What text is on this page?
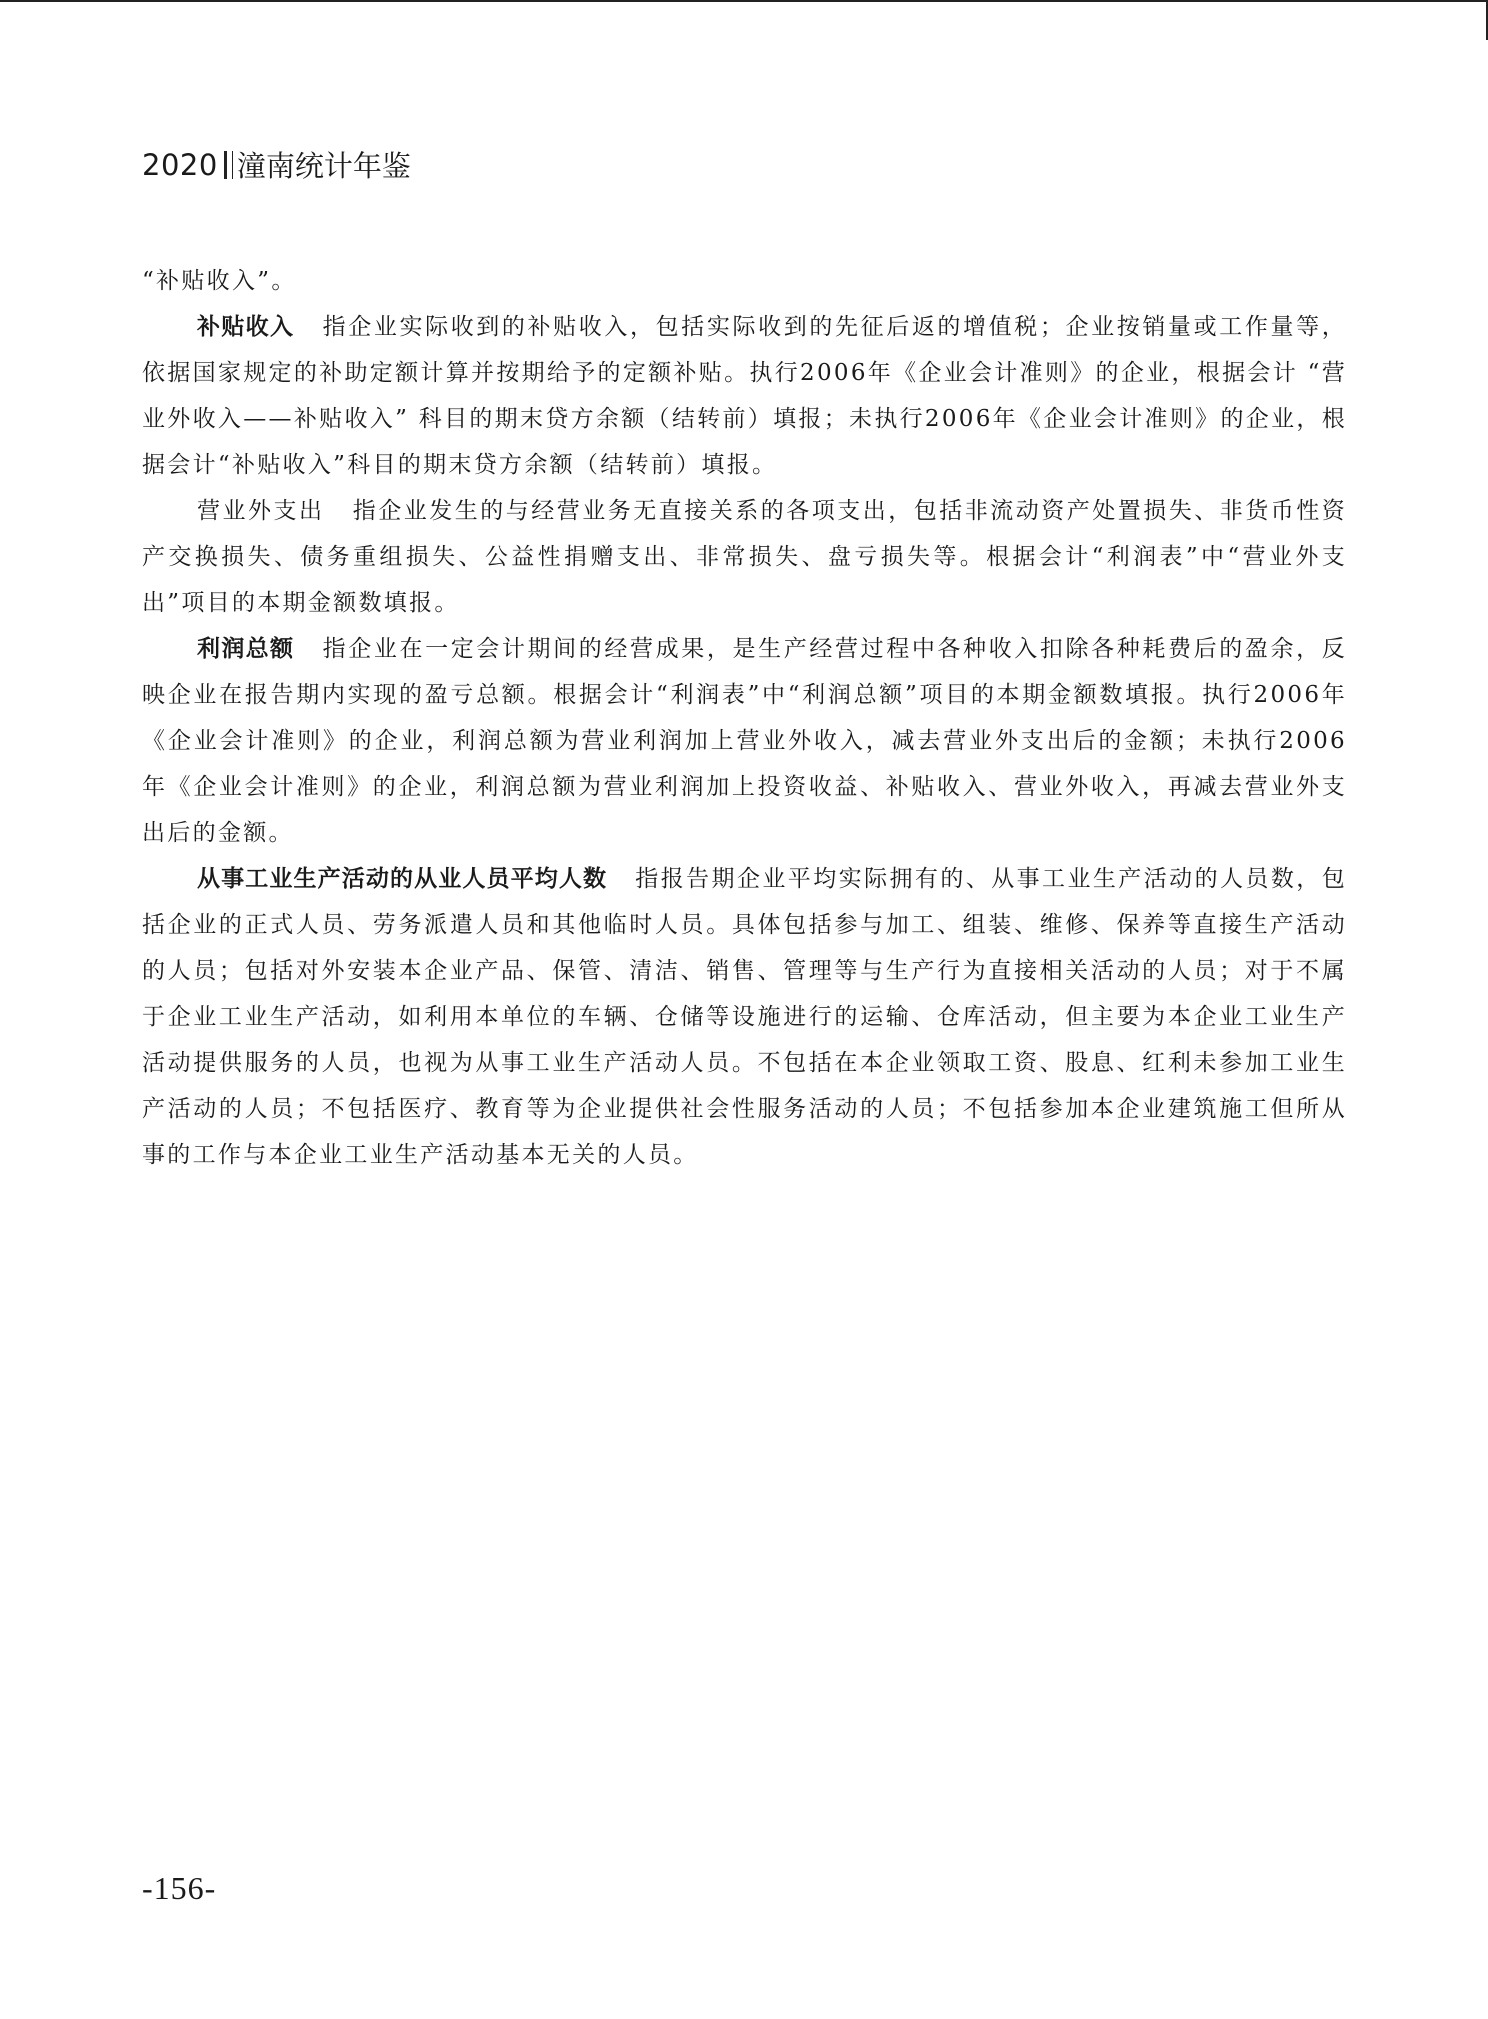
2020 潼南统计年鉴

“补贴收入”。

补贴收入 指企业实际收到的补贴收入，包括实际收到的先征后返的增值税；企业按销量或工作量等，依据国家规定的补助定额计算并按期给予的定额补贴。执行2006年《企业会计准则》的企业，根据会计 “营业外收入——补贴收入” 科目的期末贷方余额（结转前）填报；未执行2006年《企业会计准则》的企业，根据会计“补贴收入”科目的期末贷方余额（结转前）填报。

营业外支出 指企业发生的与经营业务无直接关系的各项支出，包括非流动资产处置损失、非货币性资产交换损失、债务重组损失、公益性捐赠支出、非常损失、盘亏损失等。根据会计“利润表”中“营业外支出”项目的本期金额数填报。

利润总额 指企业在一定会计期间的经营成果，是生产经营过程中各种收入扣除各种耗费后的盈余，反映企业在报告期内实现的盈亏总额。根据会计“利润表”中“利润总额”项目的本期金额数填报。执行2006年《企业会计准则》的企业，利润总额为营业利润加上营业外收入，减去营业外支出后的金额；未执行2006年《企业会计准则》的企业，利润总额为营业利润加上投资收益、补贴收入、营业外收入，再减去营业外支出后的金额。

从事工业生产活动的从业人员平均人数 指报告期企业平均实际拥有的、从事工业生产活动的人员数，包括企业的正式人员、劳务派遣人员和其他临时人员。具体包括参与加工、组装、维修、保养等直接生产活动的人员；包括对外安装本企业产品、保管、清洁、销售、管理等与生产行为直接相关活动的人员；对于不属于企业工业生产活动，如利用本单位的车辆、仓储等设施进行的运输、仓库活动，但主要为本企业工业生产活动提供服务的人员，也视为从事工业生产活动人员。不包括在本企业领取工资、股息、红利未参加工业生产活动的人员；不包括医疗、教育等为企业提供社会性服务活动的人员；不包括参加本企业建筑施工但所从事的工作与本企业工业生产活动基本无关的人员。

-156-
